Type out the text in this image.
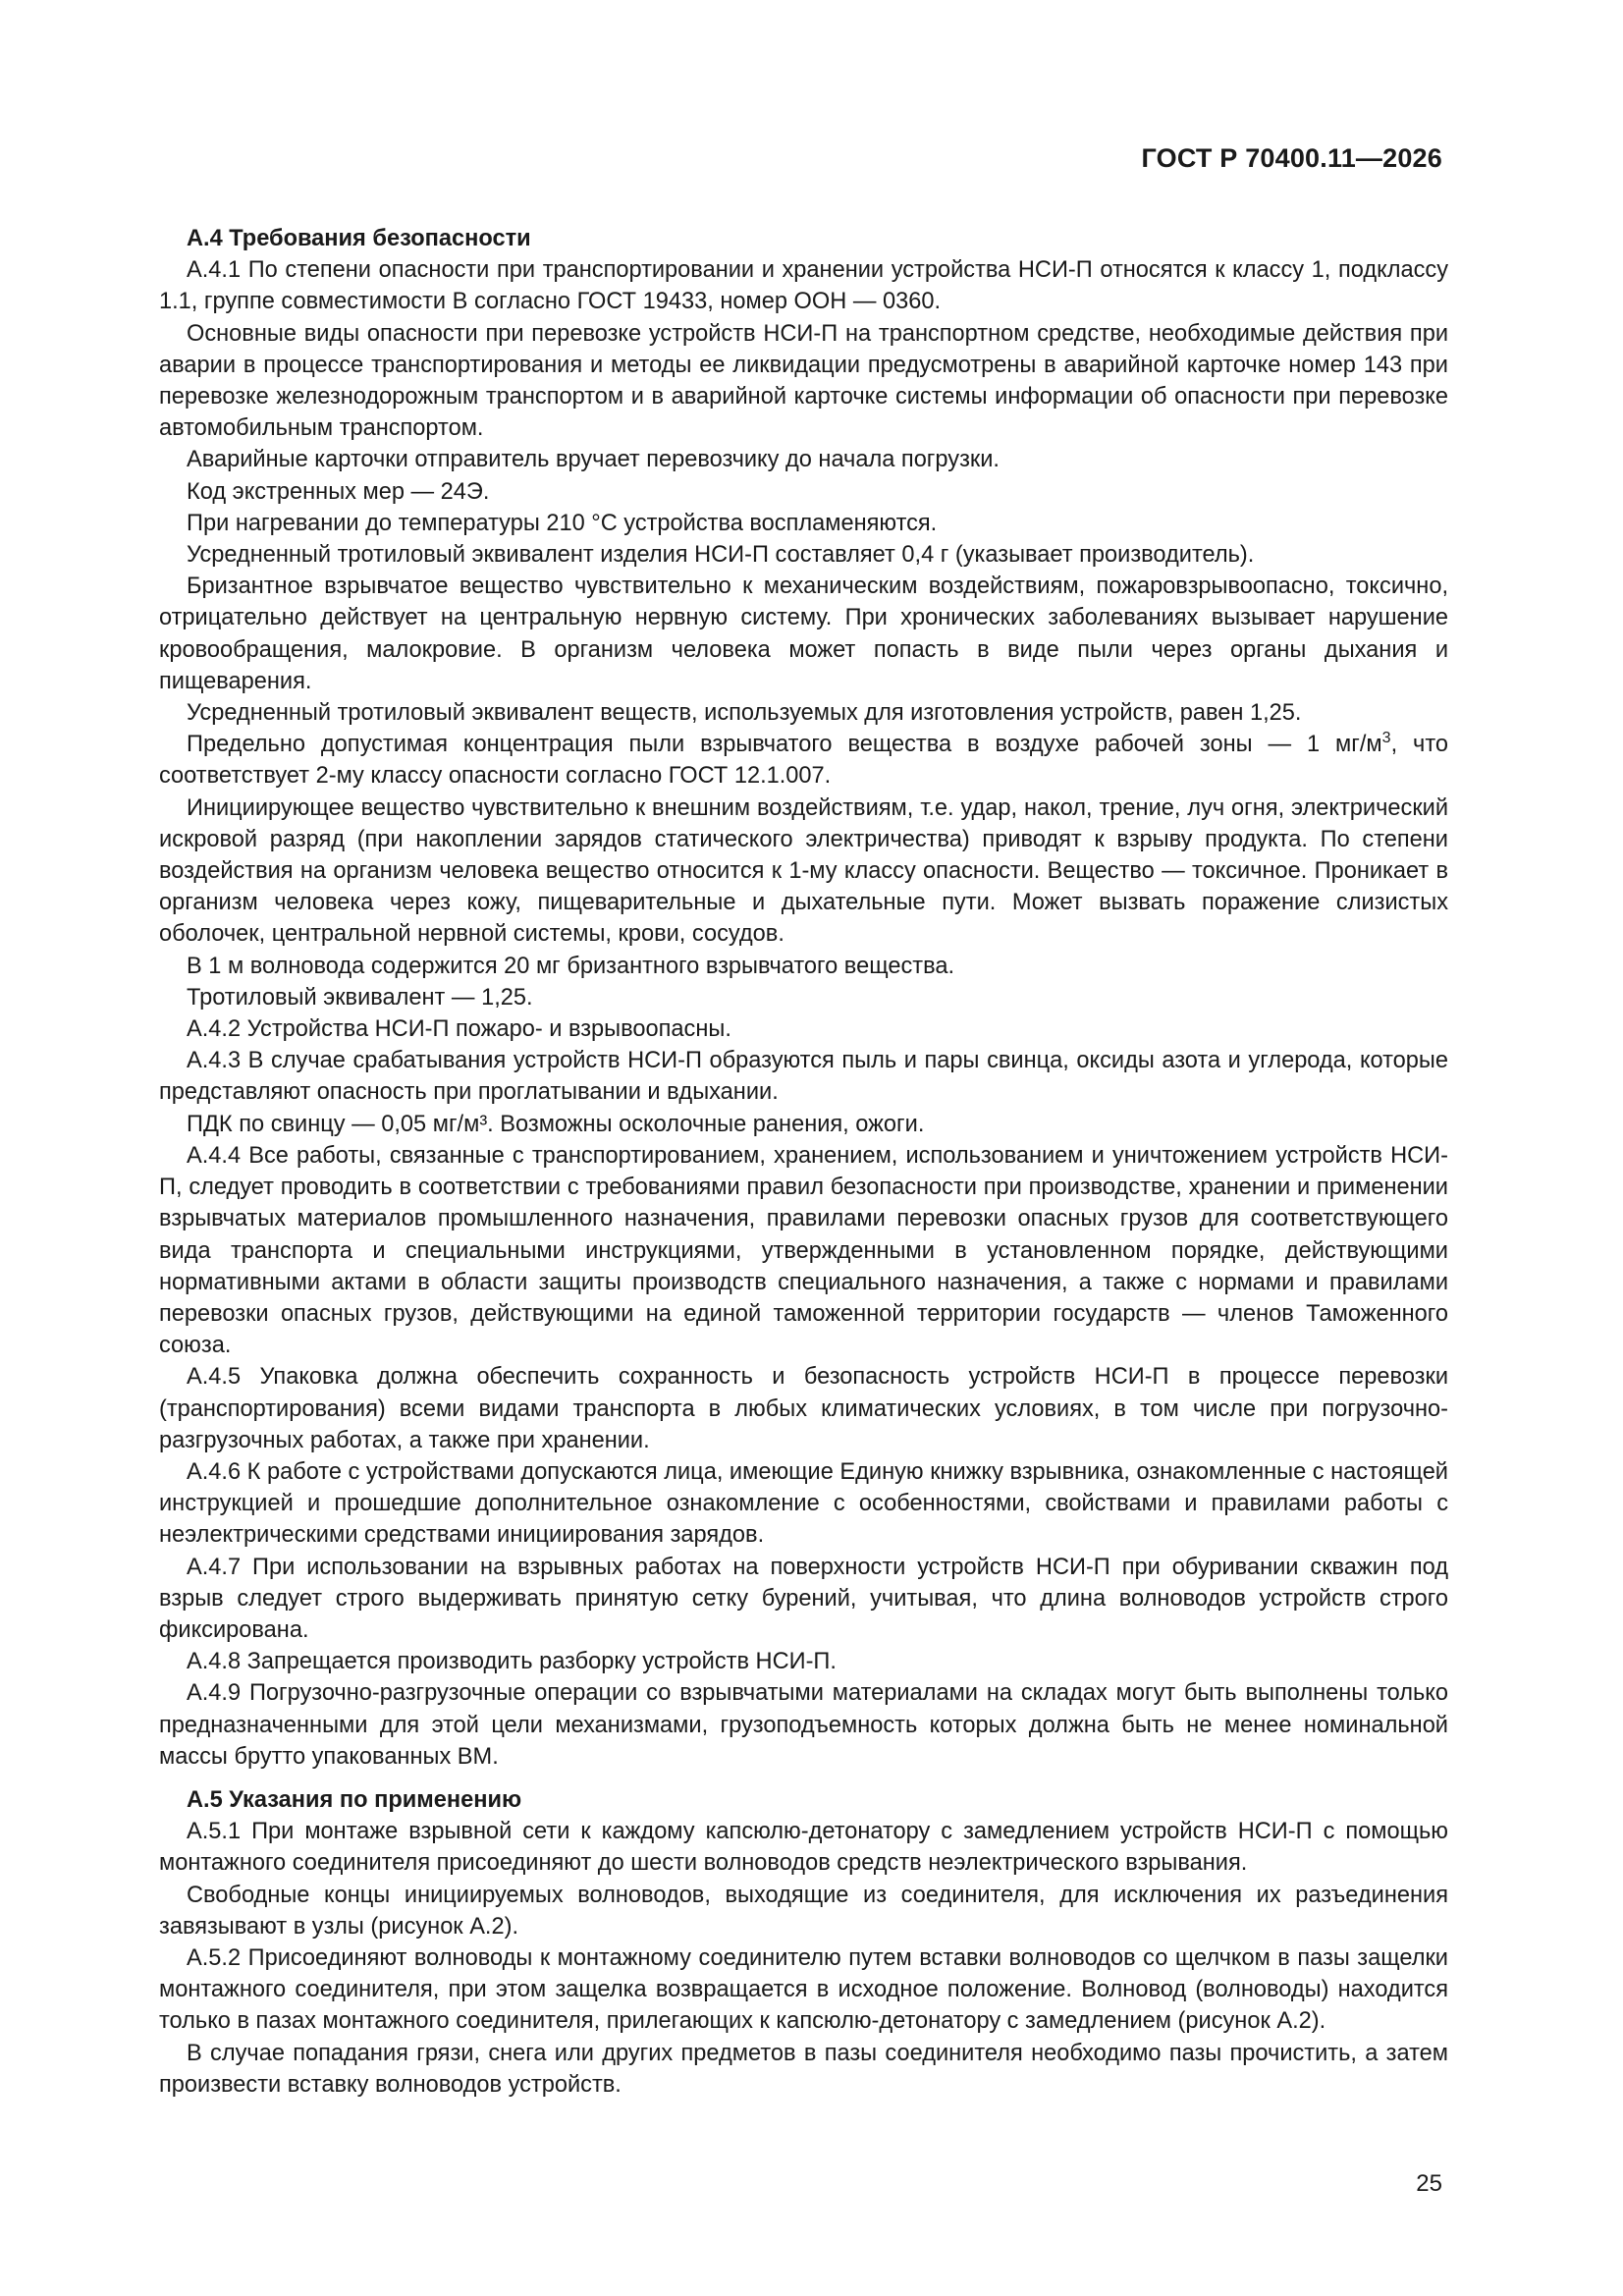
ГОСТ Р 70400.11—2026
А.4 Требования безопасности

А.4.1 По степени опасности при транспортировании и хранении устройства НСИ-П относятся к классу 1, подклассу 1.1, группе совместимости В согласно ГОСТ 19433, номер ООН — 0360.

Основные виды опасности при перевозке устройств НСИ-П на транспортном средстве, необходимые действия при аварии в процессе транспортирования и методы ее ликвидации предусмотрены в аварийной карточке номер 143 при перевозке железнодорожным транспортом и в аварийной карточке системы информации об опасности при перевозке автомобильным транспортом.

Аварийные карточки отправитель вручает перевозчику до начала погрузки.

Код экстренных мер — 24Э.

При нагревании до температуры 210 °С устройства воспламеняются.

Усредненный тротиловый эквивалент изделия НСИ-П составляет 0,4 г (указывает производитель).

Бризантное взрывчатое вещество чувствительно к механическим воздействиям, пожаровзрывоопасно, токсично, отрицательно действует на центральную нервную систему. При хронических заболеваниях вызывает нарушение кровообращения, малокровие. В организм человека может попасть в виде пыли через органы дыхания и пищеварения.

Усредненный тротиловый эквивалент веществ, используемых для изготовления устройств, равен 1,25.

Предельно допустимая концентрация пыли взрывчатого вещества в воздухе рабочей зоны — 1 $мг/м^3$, что соответствует 2-му классу опасности согласно ГОСТ 12.1.007.

Инициирующее вещество чувствительно к внешним воздействиям, т.е. удар, накол, трение, луч огня, электрический искровой разряд (при накоплении зарядов статического электричества) приводят к взрыву продукта. По степени воздействия на организм человека вещество относится к 1-му классу опасности. Вещество — токсичное. Проникает в организм человека через кожу, пищеварительные и дыхательные пути. Может вызвать поражение слизистых оболочек, центральной нервной системы, крови, сосудов.

В 1 м волновода содержится 20 мг бризантного взрывчатого вещества.

Тротиловый эквивалент — 1,25.

А.4.2 Устройства НСИ-П пожаро- и взрывоопасны.

А.4.3 В случае срабатывания устройств НСИ-П образуются пыль и пары свинца, оксиды азота и углерода, которые представляют опасность при проглатывании и вдыхании.

ПДК по свинцу — 0,05 мг/м³. Возможны осколочные ранения, ожоги.

А.4.4 Все работы, связанные с транспортированием, хранением, использованием и уничтожением устройств НСИ-П, следует проводить в соответствии с требованиями правил безопасности при производстве, хранении и применении взрывчатых материалов промышленного назначения, правилами перевозки опасных грузов для соответствующего вида транспорта и специальными инструкциями, утвержденными в установленном порядке, действующими нормативными актами в области защиты производств специального назначения, а также с нормами и правилами перевозки опасных грузов, действующими на единой таможенной территории государств — членов Таможенного союза.

А.4.5 Упаковка должна обеспечить сохранность и безопасность устройств НСИ-П в процессе перевозки (транспортирования) всеми видами транспорта в любых климатических условиях, в том числе при погрузочно-разгрузочных работах, а также при хранении.

А.4.6 К работе с устройствами допускаются лица, имеющие Единую книжку взрывника, ознакомленные с настоящей инструкцией и прошедшие дополнительное ознакомление с особенностями, свойствами и правилами работы с неэлектрическими средствами инициирования зарядов.

А.4.7 При использовании на взрывных работах на поверхности устройств НСИ-П при обуривании скважин под взрыв следует строго выдерживать принятую сетку бурений, учитывая, что длина волноводов устройств строго фиксирована.

А.4.8 Запрещается производить разборку устройств НСИ-П.

А.4.9 Погрузочно-разгрузочные операции со взрывчатыми материалами на складах могут быть выполнены только предназначенными для этой цели механизмами, грузоподъемность которых должна быть не менее номинальной массы брутто упакованных ВМ.

А.5 Указания по применению

А.5.1 При монтаже взрывной сети к каждому капсюлю-детонатору с замедлением устройств НСИ-П с помощью монтажного соединителя присоединяют до шести волноводов средств неэлектрического взрывания.

Свободные концы инициируемых волноводов, выходящие из соединителя, для исключения их разъединения завязывают в узлы (рисунок А.2).

А.5.2 Присоединяют волноводы к монтажному соединителю путем вставки волноводов со щелчком в пазы защелки монтажного соединителя, при этом защелка возвращается в исходное положение. Волновод (волноводы) находится только в пазах монтажного соединителя, прилегающих к капсюлю-детонатору с замедлением (рисунок А.2).

В случае попадания грязи, снега или других предметов в пазы соединителя необходимо пазы прочистить, а затем произвести вставку волноводов устройств.

25
